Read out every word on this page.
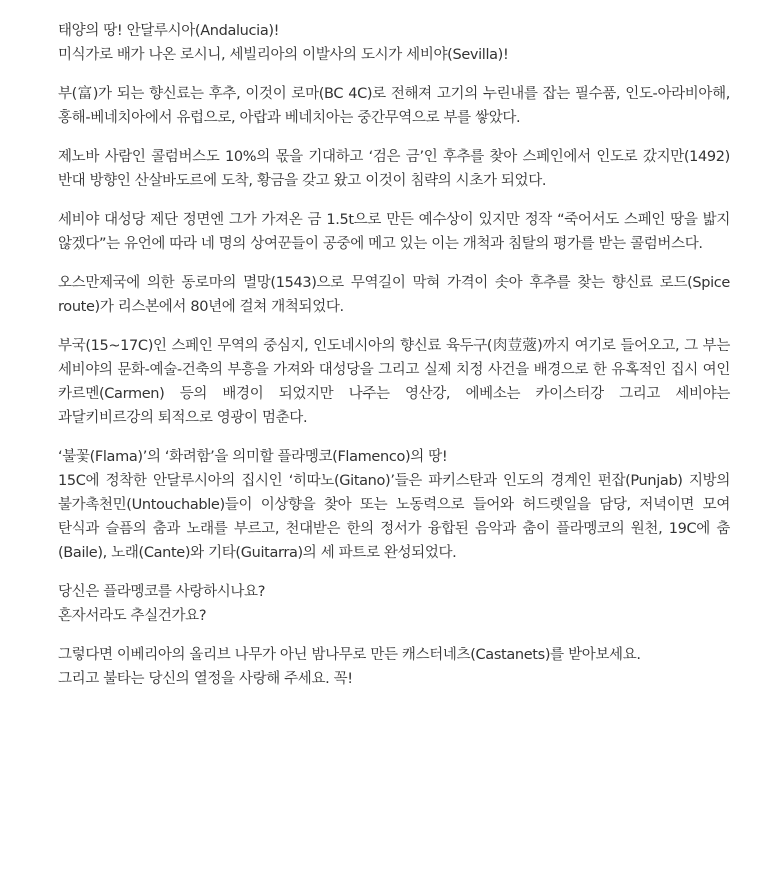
태양의 땅! 안달루시아(Andalucia)!
미식가로 배가 나온 로시니, 세빌리아의 이발사의 도시가 세비야(Sevilla)!

부(富)가 되는 향신료는 후추, 이것이 로마(BC 4C)로 전해져 고기의 누린내를 잡는 필수품, 인도-아라비아해, 홍해-베네치아에서 유럽으로, 아랍과 베네치아는 중간무역으로 부를 쌓았다.

제노바 사람인 콜럼버스도 10%의 몫을 기대하고 ‘검은 금’인 후추를 찾아 스페인에서 인도로 갔지만(1492) 반대 방향인 산살바도르에 도착, 황금을 갖고 왔고 이것이 침략의 시초가 되었다.

세비야 대성당 제단 정면엔 그가 가져온 금 1.5t으로 만든 예수상이 있지만 정작 “죽어서도 스페인 땅을 밟지 않겠다”는 유언에 따라 네 명의 상여꾼들이 공중에 메고 있는 이는 개척과 침탈의 평가를 받는 콜럼버스다.

오스만제국에 의한 동로마의 멸망(1543)으로 무역길이 막혀 가격이 솟아 후추를 찾는 향신료 로드(Spice route)가 리스본에서 80년에 걸쳐 개척되었다.

부국(15~17C)인 스페인 무역의 중심지, 인도네시아의 향신료 육두구(肉荳蔲)까지 여기로 들어오고, 그 부는 세비야의 문화-예술-건축의 부흥을 가져와 대성당을 그리고 실제 치정 사건을 배경으로 한 유혹적인 집시 여인 카르멘(Carmen) 등의 배경이 되었지만 나주는 영산강, 에베소는 카이스터강 그리고 세비야는 과달키비르강의 퇴적으로 영광이 멈춘다.

‘불꽃(Flama)’의 ‘화려함’을 의미할 플라멩코(Flamenco)의 땅!
15C에 정착한 안달루시아의 집시인 ‘히따노(Gitano)’들은 파키스탄과 인도의 경계인 펀잡(Punjab) 지방의 불가촉천민(Untouchable)들이 이상향을 찾아 또는 노동력으로 들어와 허드렛일을 담당, 저녁이면 모여 탄식과 슬픔의 춤과 노래를 부르고, 천대받은 한의 정서가 융합된 음악과 춤이 플라멩코의 원천, 19C에 춤(Baile), 노래(Cante)와 기타(Guitarra)의 세 파트로 완성되었다.

당신은 플라멩코를 사랑하시나요?
혼자서라도 추실건가요?

그렇다면 이베리아의 올리브 나무가 아닌 밤나무로 만든 캐스터네츠(Castanets)를 받아보세요.
그리고 불타는 당신의 열정을 사랑해 주세요. 꼭!
